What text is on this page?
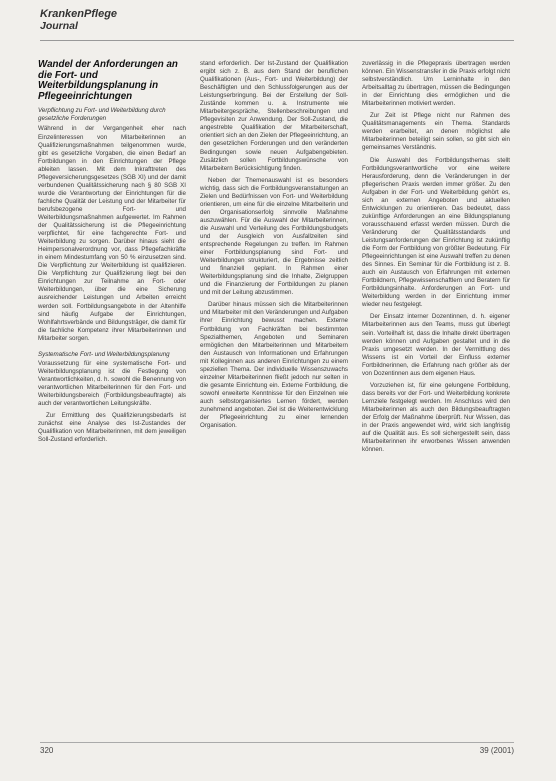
KrankenPflege
Journal
Wandel der Anforderungen an die Fort- und Weiterbildungsplanung in Pflegeeinrichtungen
Verpflichtung zu Fort- und Weiterbildung durch gesetzliche Forderungen

Während in der Vergangenheit eher nach Einzelinteressen von Mitarbeiterinnen an Qualifizierungsmaßnahmen teilgenommen wurde, gibt es gesetzliche Vorgaben, die einen Bedarf an Fortbildungen in den Einrichtungen der Pflege ableiten lassen. Mit dem Inkrafttreten des Pflegeversicherungsgesetzes (SGB XI) und der damit verbundenen Qualitätssicherung nach § 80 SGB XI wurde die Verantwortung der Einrichtungen für die fachliche Qualität der Leistung und der Mitarbeiter für berufsbezogene Fort- und Weiterbildungsmaßnahmen aufgewertet. Im Rahmen der Qualitätssicherung ist die Pflegeeinrichtung verpflichtet, für eine fachgerechte Fort- und Weiterbildung zu sorgen. Darüber hinaus sieht die Heimpersonalverordnung vor, dass Pflegefachkräfte in einem Mindestumfang von 50 % einzusetzen sind. Die Verpflichtung zur Weiterbildung ist qualifizieren. Die Verpflichtung zur Qualifizierung liegt bei den Einrichtungen zur Teilnahme an Fort- oder Weiterbildungen, über die eine Sicherung ausreichender Leistungen und Arbeiten erreicht werden soll. Fortbildungsangebote in der Altenhilfe sind häufig Aufgabe der Einrichtungen, Wohlfahrtsverbände und Bildungsträger, die damit für die fachliche Kompetenz ihrer Mitarbeiterinnen und Mitarbeiter sorgen.

Systematische Fort- und Weiterbildungsplanung

Voraussetzung für eine systematische Fort- und Weiterbildungsplanung ist die Festlegung von Verantwortlichkeiten, d. h. sowohl die Benennung von verantwortlichen Mitarbeiterinnen für den Fort- und Weiterbildungsbereich (Fortbildungsbeauftragte) als auch der verantwortlichen Leitungskräfte.

Zur Ermittlung des Qualifizierungsbedarfs ist zunächst eine Analyse des Ist-Zustandes der Qualifikation von Mitarbeiterinnen, mit dem jeweiligen Soll-Zustand erforderlich.

stand erforderlich. Der Ist-Zustand der Qualifikation ergibt sich z. B. aus dem Stand der beruflichen Qualifikationen (Aus-, Fort- und Weiterbildung) der Beschäftigten und den Schlussfolgerungen aus der Leistungserbringung. Bei der Erstellung der Soll-Zustände kommen u. a. Instrumente wie Mitarbeitergespräche, Stellenbeschreibungen und Pflegevisiten zur Anwendung. Der Soll-Zustand, die angestrebte Qualifikation der Mitarbeiterschaft, orientiert sich an den Zielen der Pflegeeinrichtung, an den gesetzlichen Forderungen und den veränderten Bedingungen sowie neuen Aufgabengebieten. Zusätzlich sollen Fortbildungswünsche von Mitarbeitern Berücksichtigung finden.

Neben der Themenauswahl ist es besonders wichtig, dass sich die Fortbildungsveranstaltungen an Zielen und Bedürfnissen von Fort- und Weiterbildung orientieren, um eine für die einzelne Mitarbeiterin und den Organisationserfolg sinnvolle Maßnahme auszuwählen. Für die Auswahl der Mitarbeiterinnen, die Auswahl und Verteilung des Fortbildungsbudgets und der Ausgleich von Ausfallzeiten sind entsprechende Regelungen zu treffen. Im Rahmen einer Fortbildungsplanung sind Fort- und Weiterbildungen strukturiert, die Ergebnisse zeitlich und finanziell geplant. In Rahmen einer Weiterbildungsplanung sind die Inhalte, Zielgruppen und die Finanzierung der Fortbildungen zu planen und mit der Leitung abzustimmen.

Darüber hinaus müssen sich die Mitarbeiterinnen und Mitarbeiter mit den Veränderungen und Aufgaben ihrer Einrichtung bewusst machen. Externe Fortbildung von Fachkräften bei bestimmten Spezialthemen, Angeboten und Seminaren ermöglichen den Mitarbeiterinnen und Mitarbeitern den Austausch von Informationen und Erfahrungen mit Kolleginnen aus anderen Einrichtungen zu einem speziellen Thema. Der individuelle Wissenszuwachs einzelner Mitarbeiterinnen fließt jedoch nur selten in die gesamte Einrichtung ein. Externe Fortbildung, die sowohl erweiterte Kenntnisse für den Einzelnen wie auch selbstorganisiertes Lernen fördert, werden zunehmend angeboten. Ziel ist die Weiterentwicklung der Pflegeeinrichtung zu einer lernenden Organisation.

zuverlässig in die Pflegepraxis übertragen werden können. Ein Wissenstransfer in die Praxis erfolgt nicht selbstverständlich. Um Lerninhalte in den Arbeitsalltag zu übertragen, müssen die Bedingungen in der Einrichtung dies ermöglichen und die Mitarbeiterinnen motiviert werden.

Zur Zeit ist Pflege nicht nur Rahmen des Qualitätsmanagements ein Thema. Standards werden erarbeitet, an denen möglichst alle Mitarbeiterinnen beteiligt sein sollen, so gibt sich ein gemeinsames Verständnis.

Die Auswahl des Fortbildungsthemas stellt Fortbildungsverantwortliche vor eine weitere Herausforderung, denn die Veränderungen in der pflegerischen Praxis werden immer größer. Zu den Aufgaben in der Fort- und Weiterbildung gehört es, sich an externen Angeboten und aktuellen Entwicklungen zu orientieren. Das bedeutet, dass zukünftige Anforderungen an eine Bildungsplanung vorausschauend erfasst werden müssen. Durch die Veränderung der Qualitätsstandards und Leistungsanforderungen der Einrichtung ist zukünftig die Form der Fortbildung von größter Bedeutung. Für Pflegeeinrichtungen ist eine Auswahl treffen zu denen des Sinnes. Ein Seminar für die Fortbildung ist z. B. auch ein Austausch von Erfahrungen mit externen Fortbildnern, Pflegewissenschaftlern und Beratern für Fortbildungsinhalte. Anforderungen an Fort- und Weiterbildung werden in der Einrichtung immer wieder neu festgelegt.

Der Einsatz interner Dozentinnen, d. h. eigener Mitarbeiterinnen aus den Teams, muss gut überlegt sein. Vorteilhaft ist, dass die Inhalte direkt übertragen werden können und Aufgaben gestaltet und in die Praxis umgesetzt werden. In der Vermittlung des Wissens ist ein Vorteil der Einfluss externer Fortbildnerinnen, die Erfahrung nach größer als der von Dozentinnen aus dem eigenen Haus.

Vorzuziehen ist, für eine gelungene Fortbildung, dass bereits vor der Fort- und Weiterbildung konkrete Lernziele festgelegt werden. Im Anschluss wird den Mitarbeiterinnen als auch den Bildungsbeauftragten der Erfolg der Maßnahme überprüft. Nur Wissen, das in der Praxis angewendet wird, wirkt sich langfristig auf die Qualität aus. Es soll sichergestellt sein, dass Mitarbeiterinnen ihr erworbenes Wissen anwenden können.

320	39 (2001)
